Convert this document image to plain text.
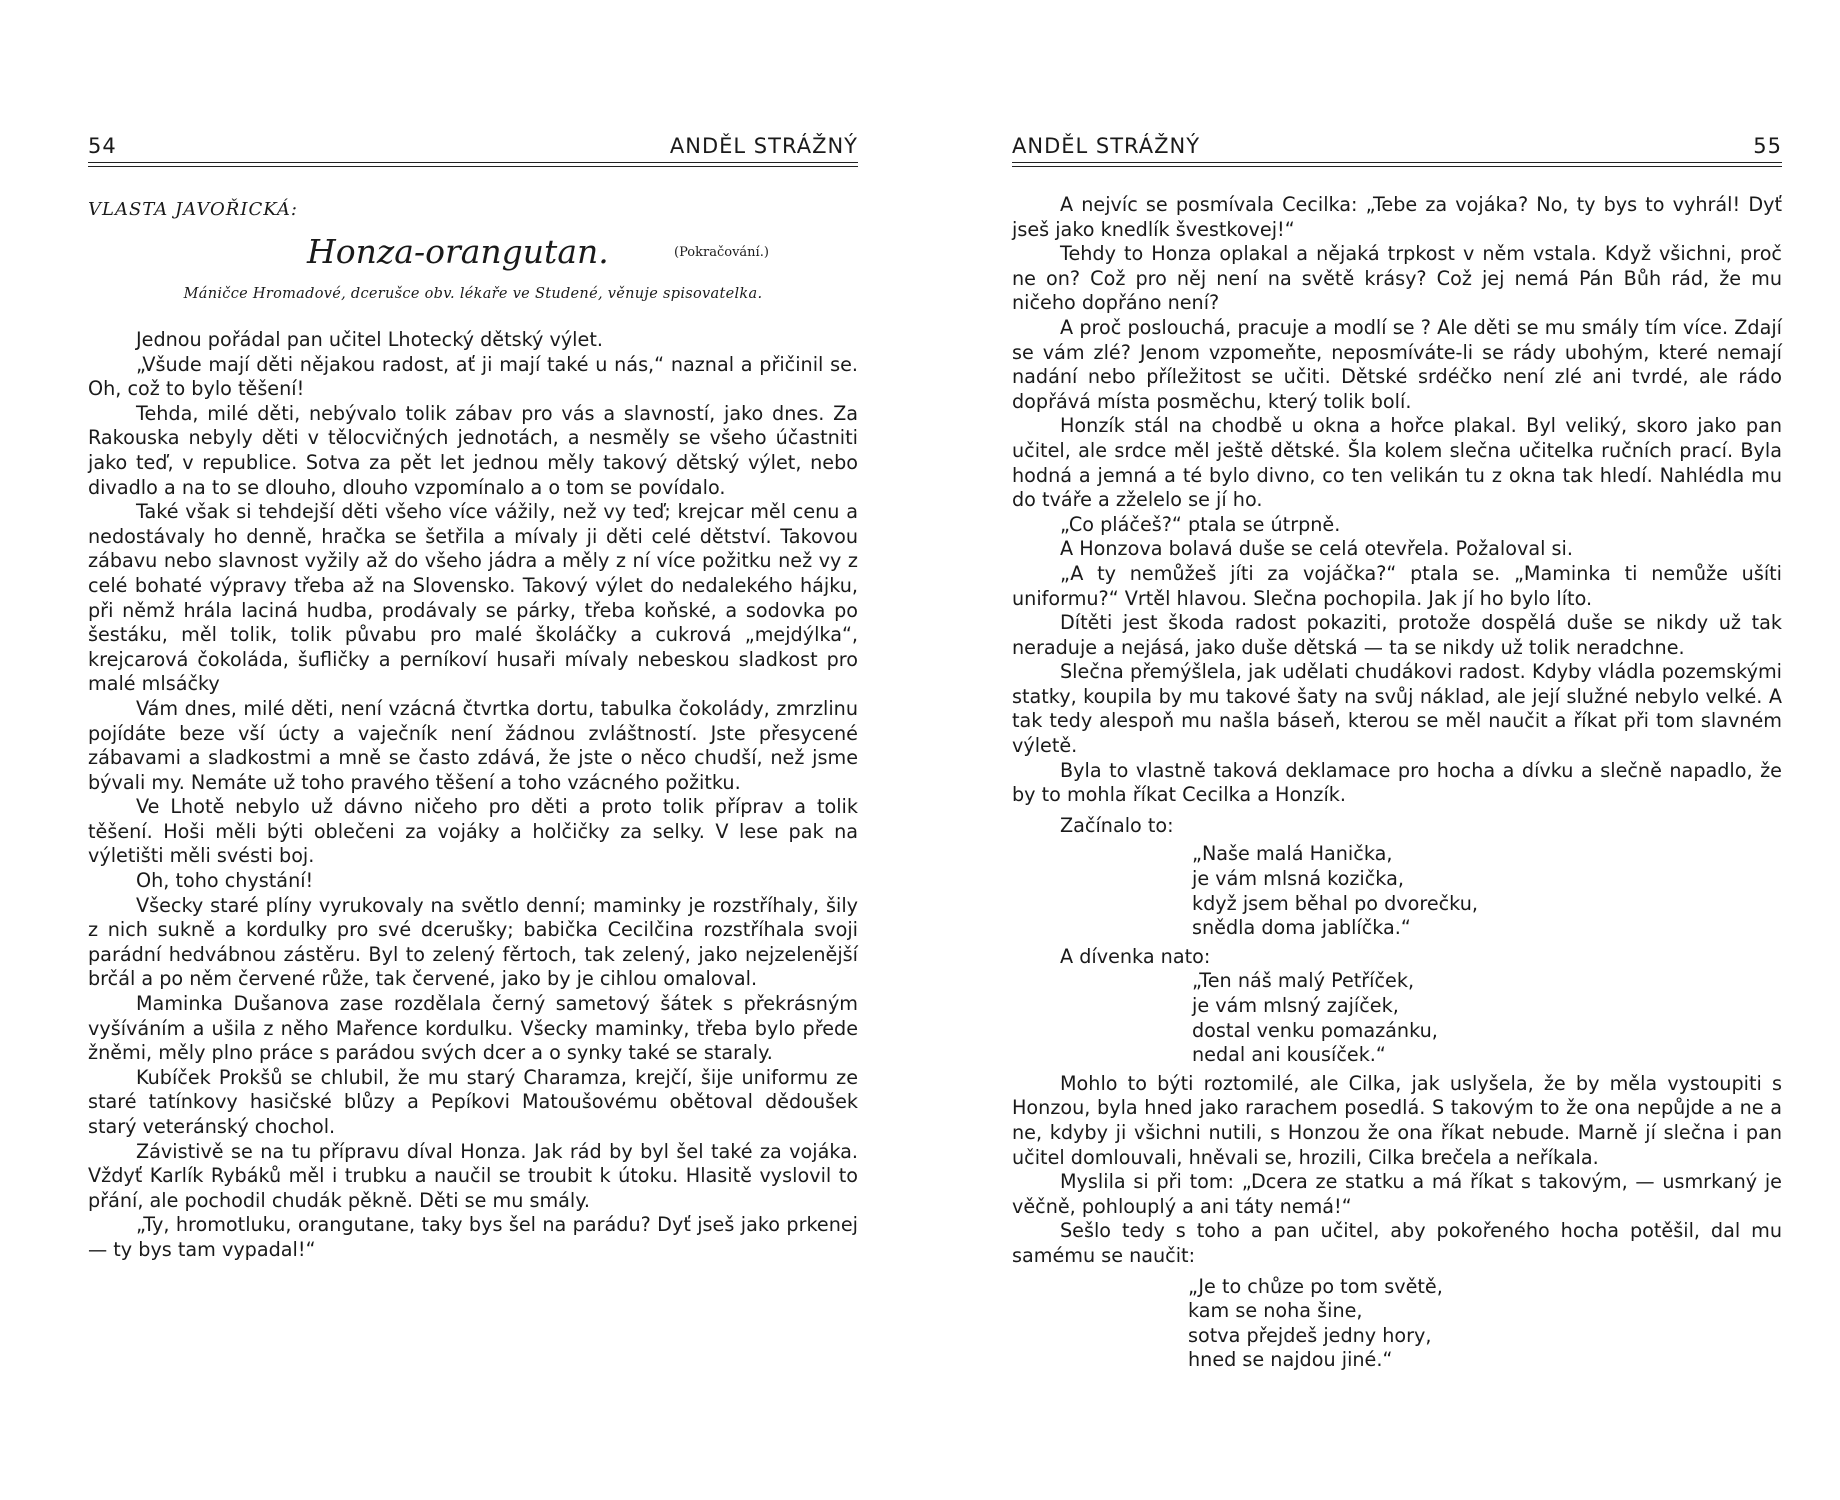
54	ANDĚL STRÁŽNÝ
VLASTA JAVOŘICKÁ:
Honza-orangutan.	(Pokračování.)
Máničce Hromadové, dcerušce obv. lékaře ve Studené, věnuje spisovatelka.

Jednou pořádal pan učitel Lhotecký dětský výlet.

„Všude mají děti nějakou radost, ať ji mají také u nás,“ naznal a přičinil se. Oh, což to bylo těšení!

Tehda, milé děti, nebývalo tolik zábav pro vás a slavností, jako dnes. Za Rakouska nebyly děti v tělocvičných jednotách, a nesměly se všeho účastniti jako teď, v republice. Sotva za pět let jednou měly takový dětský výlet, nebo divadlo a na to se dlouho, dlouho vzpomínalo a o tom se povídalo.

Také však si tehdejší děti všeho více vážily, než vy teď; krejcar měl cenu a nedostávaly ho denně, hračka se šetřila a mívaly ji děti celé dětství. Takovou zábavu nebo slavnost vyžily až do všeho jádra a měly z ní více požitku než vy z celé bohaté výpravy třeba až na Slovensko. Takový výlet do nedalekého hájku, při němž hrála laciná hudba, prodávaly se párky, třeba koňské, a sodovka po šestáku, měl tolik, tolik půvabu pro malé školáčky a cukrová „mejdýlka“, krejcarová čokoláda, šufličky a perníkoví husaři mívaly nebeskou sladkost pro malé mlsáčky

Vám dnes, milé děti, není vzácná čtvrtka dortu, tabulka čokolády, zmrzlinu pojídáte beze vší úcty a vaječník není žádnou zvláštností. Jste přesycené zábavami a sladkostmi a mně se často zdává, že jste o něco chudší, než jsme bývali my. Nemáte už toho pravého těšení a toho vzácného požitku.

Ve Lhotě nebylo už dávno ničeho pro děti a proto tolik příprav a tolik těšení. Hoši měli býti oblečeni za vojáky a holčičky za selky. V lese pak na výletišti měli svésti boj.

Oh, toho chystání!

Všecky staré plíny vyrukovaly na světlo denní; maminky je rozstříhaly, šily z nich sukně a kordulky pro své dcerušky; babička Cecilčina rozstříhala svoji parádní hedvábnou zástěru. Byl to zelený fěrtoch, tak zelený, jako nejzelenější brčál a po něm červené růže, tak červené, jako by je cihlou omaloval.

Maminka Dušanova zase rozdělala černý sametový šátek s překrásným vyšíváním a ušila z něho Mařence kordulku. Všecky maminky, třeba bylo přede žněmi, měly plno práce s parádou svých dcer a o synky také se staraly.

Kubíček Prokšů se chlubil, že mu starý Charamza, krejčí, šije uniformu ze staré tatínkovy hasičské blůzy a Pepíkovi Matoušovému obětoval dědoušek starý veteránský chochol.

Závistivě se na tu přípravu díval Honza. Jak rád by byl šel také za vojáka. Vždyť Karlík Rybáků měl i trubku a naučil se troubit k útoku. Hlasitě vyslovil to přání, ale pochodil chudák pěkně. Děti se mu smály.

„Ty, hromotluku, orangutane, taky bys šel na parádu? Dyť jseš jako prkenej — ty bys tam vypadal!“

ANDĚL STRÁŽNÝ	55

A nejvíc se posmívala Cecilka: „Tebe za vojáka? No, ty bys to vyhrál! Dyť jseš jako knedlík švestkovej!“

Tehdy to Honza oplakal a nějaká trpkost v něm vstala. Když všichni, proč ne on? Což pro něj není na světě krásy? Což jej nemá Pán Bůh rád, že mu ničeho dopřáno není?

A proč poslouchá, pracuje a modlí se ? Ale děti se mu smály tím více. Zdají se vám zlé? Jenom vzpomeňte, neposmíváte-li se rády ubohým, které nemají nadání nebo příležitost se učiti. Dětské srdéčko není zlé ani tvrdé, ale rádo dopřává místa posměchu, který tolik bolí.

Honzík stál na chodbě u okna a hořce plakal. Byl veliký, skoro jako pan učitel, ale srdce měl ještě dětské. Šla kolem slečna učitelka ručních prací. Byla hodná a jemná a té bylo divno, co ten velikán tu z okna tak hledí. Nahlédla mu do tváře a zželelo se jí ho.

„Co pláčeš?“ ptala se útrpně.

A Honzova bolavá duše se celá otevřela. Požaloval si.

„A ty nemůžeš jíti za vojáčka?“ ptala se. „Maminka ti nemůže ušíti uniformu?“ Vrtěl hlavou. Slečna pochopila. Jak jí ho bylo líto.

Dítěti jest škoda radost pokaziti, protože dospělá duše se nikdy už tak neraduje a nejásá, jako duše dětská — ta se nikdy už tolik neradchne.

Slečna přemýšlela, jak udělati chudákovi radost. Kdyby vládla pozemskými statky, koupila by mu takové šaty na svůj náklad, ale její služné nebylo velké. A tak tedy alespoň mu našla báseň, kterou se měl naučit a říkat při tom slavném výletě.

Byla to vlastně taková deklamace pro hocha a dívku a slečně napadlo, že by to mohla říkat Cecilka a Honzík.

Začínalo to:

„Naše malá Hanička,
je vám mlsná kozička,
když jsem běhal po dvorečku,
snědla doma jablíčka.“

A dívenka nato:

„Ten náš malý Petříček,
je vám mlsný zajíček,
dostal venku pomazánku,
nedal ani kousíček.“

Mohlo to býti roztomilé, ale Cilka, jak uslyšela, že by měla vystoupiti s Honzou, byla hned jako rarachem posedlá. S takovým to že ona nepůjde a ne a ne, kdyby ji všichni nutili, s Honzou že ona říkat nebude. Marně jí slečna i pan učitel domlouvali, hněvali se, hrozili, Cilka brečela a neříkala.

Myslila si při tom: „Dcera ze statku a má říkat s takovým, — usmrkaný je věčně, pohlouplý a ani táty nemá!“

Sešlo tedy s toho a pan učitel, aby pokořeného hocha potěšil, dal mu samému se naučit:

„Je to chůze po tom světě,
kam se noha šine,
sotva přejdeš jedny hory,
hned se najdou jiné.“
